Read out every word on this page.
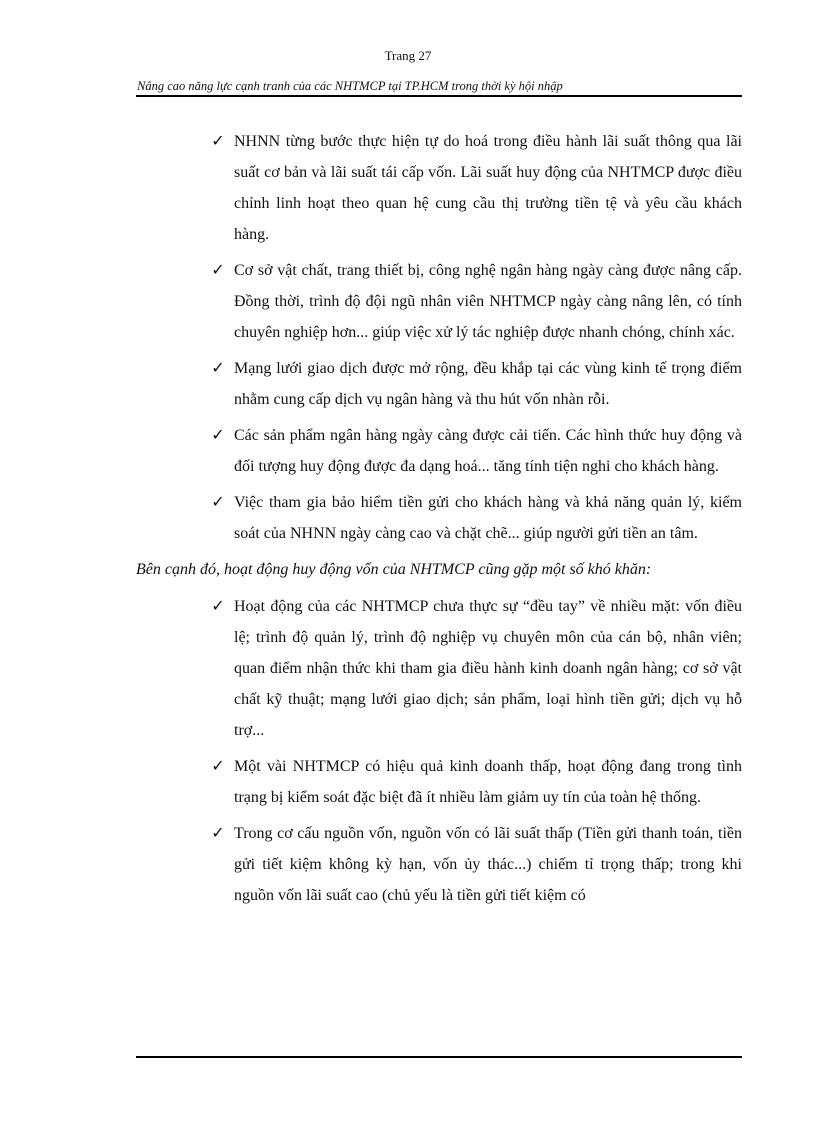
Trang 27
Nâng cao năng lực cạnh tranh của các NHTMCP tại TP.HCM trong thời kỳ hội nhập
✓ NHNN từng bước thực hiện tự do hoá trong điều hành lãi suất thông qua lãi suất cơ bản và lãi suất tái cấp vốn. Lãi suất huy động của NHTMCP được điều chỉnh linh hoạt theo quan hệ cung cầu thị trường tiền tệ và yêu cầu khách hàng.
✓ Cơ sở vật chất, trang thiết bị, công nghệ ngân hàng ngày càng được nâng cấp. Đồng thời, trình độ đội ngũ nhân viên NHTMCP ngày càng nâng lên, có tính chuyên nghiệp hơn... giúp việc xử lý tác nghiệp được nhanh chóng, chính xác.
✓ Mạng lưới giao dịch được mở rộng, đều khắp tại các vùng kinh tế trọng điểm nhằm cung cấp dịch vụ ngân hàng và thu hút vốn nhàn rỗi.
✓ Các sản phẩm ngân hàng ngày càng được cải tiến. Các hình thức huy động và đối tượng huy động được đa dạng hoá... tăng tính tiện nghi cho khách hàng.
✓ Việc tham gia bảo hiểm tiền gửi cho khách hàng và khả năng quản lý, kiểm soát của NHNN ngày càng cao và chặt chẽ... giúp người gửi tiền an tâm.

Bên cạnh đó, hoạt động huy động vốn của NHTMCP cũng gặp một số khó khăn:

✓ Hoạt động của các NHTMCP chưa thực sự “đều tay” về nhiều mặt: vốn điều lệ; trình độ quản lý, trình độ nghiệp vụ chuyên môn của cán bộ, nhân viên; quan điểm nhận thức khi tham gia điều hành kinh doanh ngân hàng; cơ sở vật chất kỹ thuật; mạng lưới giao dịch; sản phẩm, loại hình tiền gửi; dịch vụ hỗ trợ...
✓ Một vài NHTMCP có hiệu quả kinh doanh thấp, hoạt động đang trong tình trạng bị kiểm soát đặc biệt đã ít nhiều làm giảm uy tín của toàn hệ thống.
✓ Trong cơ cấu nguồn vốn, nguồn vốn có lãi suất thấp (Tiền gửi thanh toán, tiền gửi tiết kiệm không kỳ hạn, vốn ủy thác...) chiếm tỉ trọng thấp; trong khi nguồn vốn lãi suất cao (chủ yếu là tiền gửi tiết kiệm có
